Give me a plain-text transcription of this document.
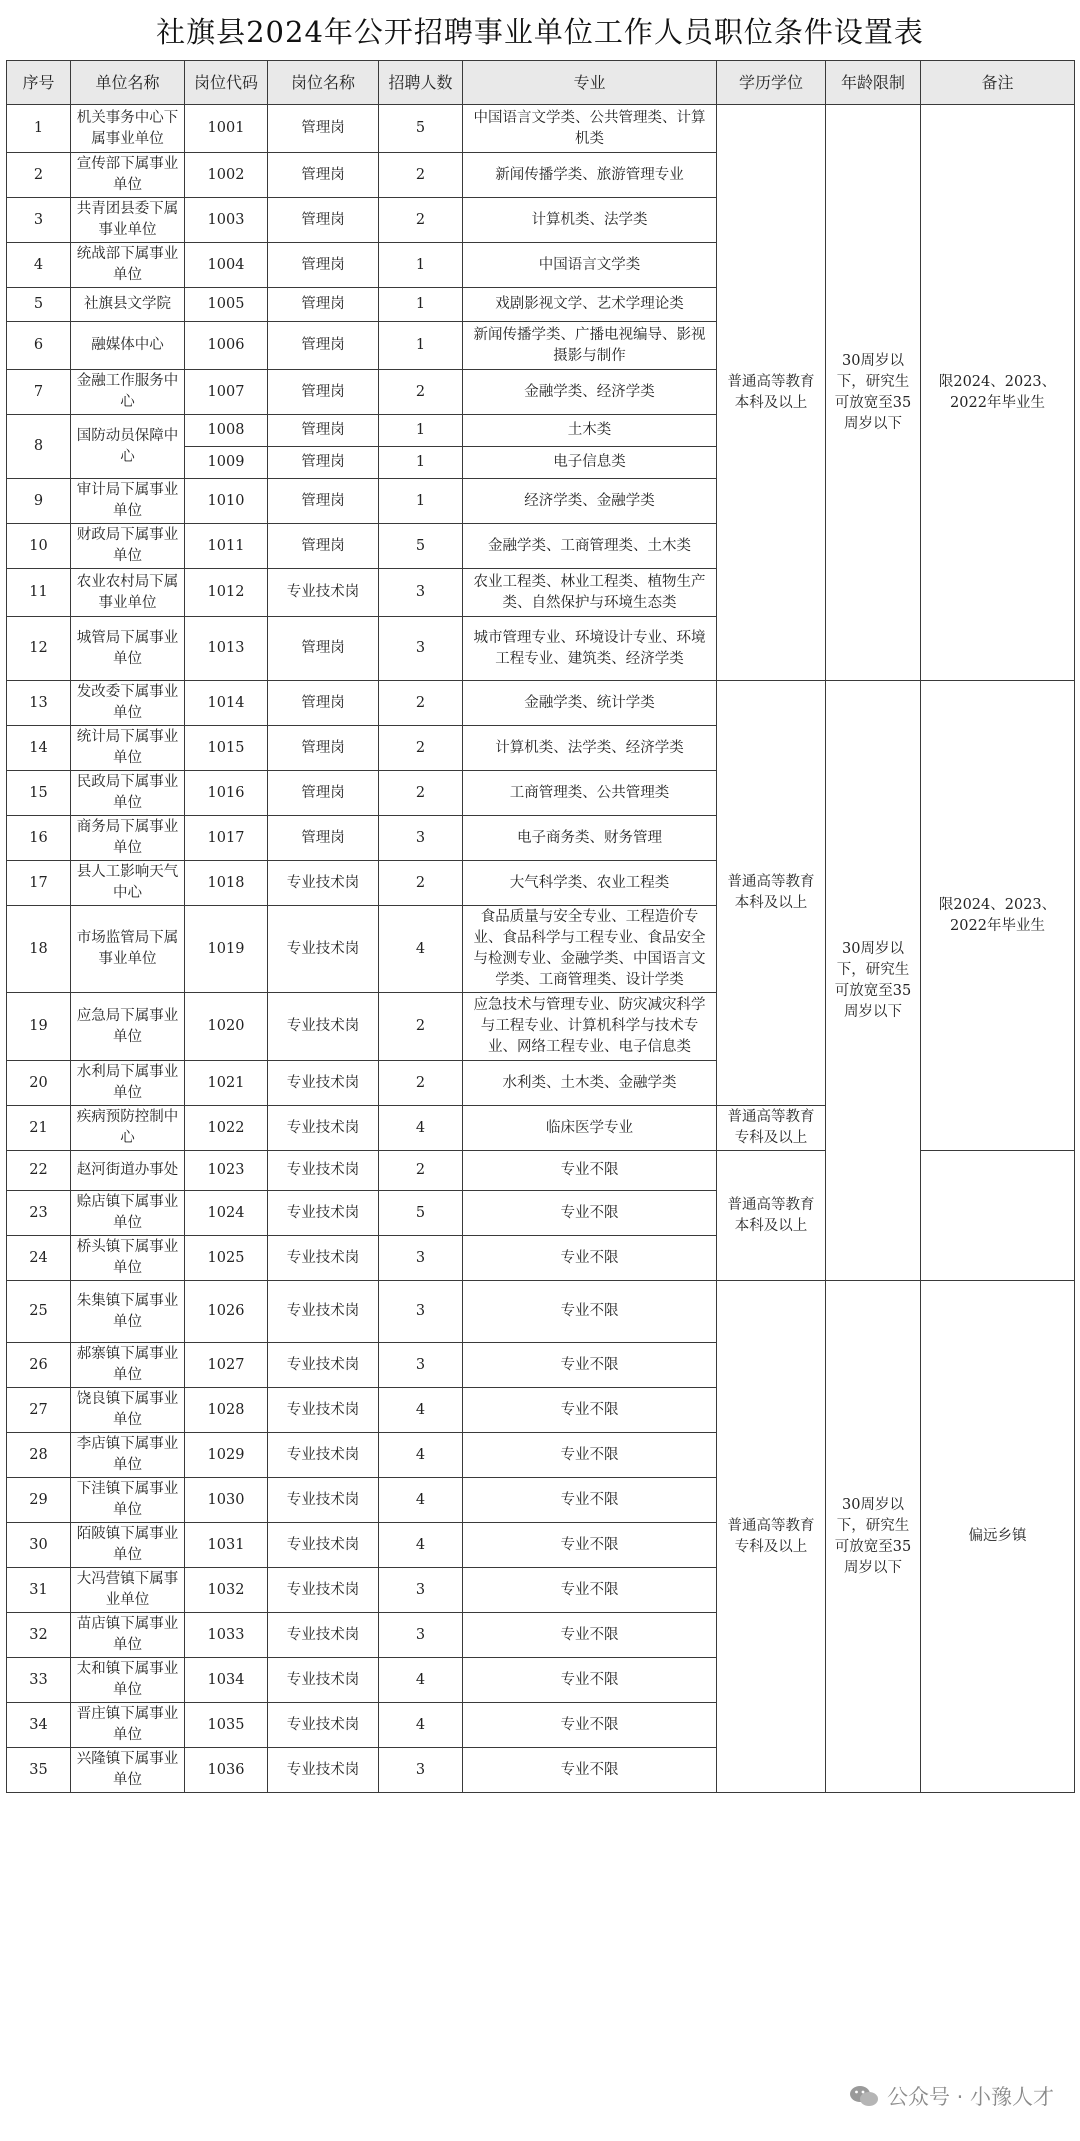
社旗县2024年公开招聘事业单位工作人员职位条件设置表
序号	单位名称	岗位代码	岗位名称	招聘人数	专业	学历学位	年龄限制	备注
1	机关事务中心下属事业单位	1001	管理岗	5	中国语言文学类、公共管理类、计算机类	普通高等教育本科及以上	30周岁以下，研究生可放宽至35周岁以下	限2024、2023、2022年毕业生
2	宣传部下属事业单位	1002	管理岗	2	新闻传播学类、旅游管理专业			
3	共青团县委下属事业单位	1003	管理岗	2	计算机类、法学类			
4	统战部下属事业单位	1004	管理岗	1	中国语言文学类			
5	社旗县文学院	1005	管理岗	1	戏剧影视文学、艺术学理论类			
6	融媒体中心	1006	管理岗	1	新闻传播学类、广播电视编导、影视摄影与制作			
7	金融工作服务中心	1007	管理岗	2	金融学类、经济学类			
8	国防动员保障中心	1008	管理岗	1	土木类			
		1009	管理岗	1	电子信息类			
9	审计局下属事业单位	1010	管理岗	1	经济学类、金融学类			
10	财政局下属事业单位	1011	管理岗	5	金融学类、工商管理类、土木类			
11	农业农村局下属事业单位	1012	专业技术岗	3	农业工程类、林业工程类、植物生产类、自然保护与环境生态类			
12	城管局下属事业单位	1013	管理岗	3	城市管理专业、环境设计专业、环境工程专业、建筑类、经济学类			
13	发改委下属事业单位	1014	管理岗	2	金融学类、统计学类	普通高等教育本科及以上	30周岁以下，研究生可放宽至35周岁以下	限2024、2023、2022年毕业生
14	统计局下属事业单位	1015	管理岗	2	计算机类、法学类、经济学类			
15	民政局下属事业单位	1016	管理岗	2	工商管理类、公共管理类			
16	商务局下属事业单位	1017	管理岗	3	电子商务类、财务管理			
17	县人工影响天气中心	1018	专业技术岗	2	大气科学类、农业工程类			
18	市场监管局下属事业单位	1019	专业技术岗	4	食品质量与安全专业、工程造价专业、食品科学与工程专业、食品安全与检测专业、金融学类、中国语言文学类、工商管理类、设计学类			
19	应急局下属事业单位	1020	专业技术岗	2	应急技术与管理专业、防灾减灾科学与工程专业、计算机科学与技术专业、网络工程专业、电子信息类			
20	水利局下属事业单位	1021	专业技术岗	2	水利类、土木类、金融学类			
21	疾病预防控制中心	1022	专业技术岗	4	临床医学专业	普通高等教育专科及以上		
22	赵河街道办事处	1023	专业技术岗	2	专业不限	普通高等教育本科及以上		
23	赊店镇下属事业单位	1024	专业技术岗	5	专业不限			
24	桥头镇下属事业单位	1025	专业技术岗	3	专业不限			
25	朱集镇下属事业单位	1026	专业技术岗	3	专业不限	普通高等教育专科及以上	30周岁以下，研究生可放宽至35周岁以下	偏远乡镇
26	郝寨镇下属事业单位	1027	专业技术岗	3	专业不限			
27	饶良镇下属事业单位	1028	专业技术岗	4	专业不限			
28	李店镇下属事业单位	1029	专业技术岗	4	专业不限			
29	下洼镇下属事业单位	1030	专业技术岗	4	专业不限			
30	陌陂镇下属事业单位	1031	专业技术岗	4	专业不限			
31	大冯营镇下属事业单位	1032	专业技术岗	3	专业不限			
32	苗店镇下属事业单位	1033	专业技术岗	3	专业不限			
33	太和镇下属事业单位	1034	专业技术岗	4	专业不限			
34	晋庄镇下属事业单位	1035	专业技术岗	4	专业不限			
35	兴隆镇下属事业单位	1036	专业技术岗	3	专业不限			
公众号 · 小豫人才
